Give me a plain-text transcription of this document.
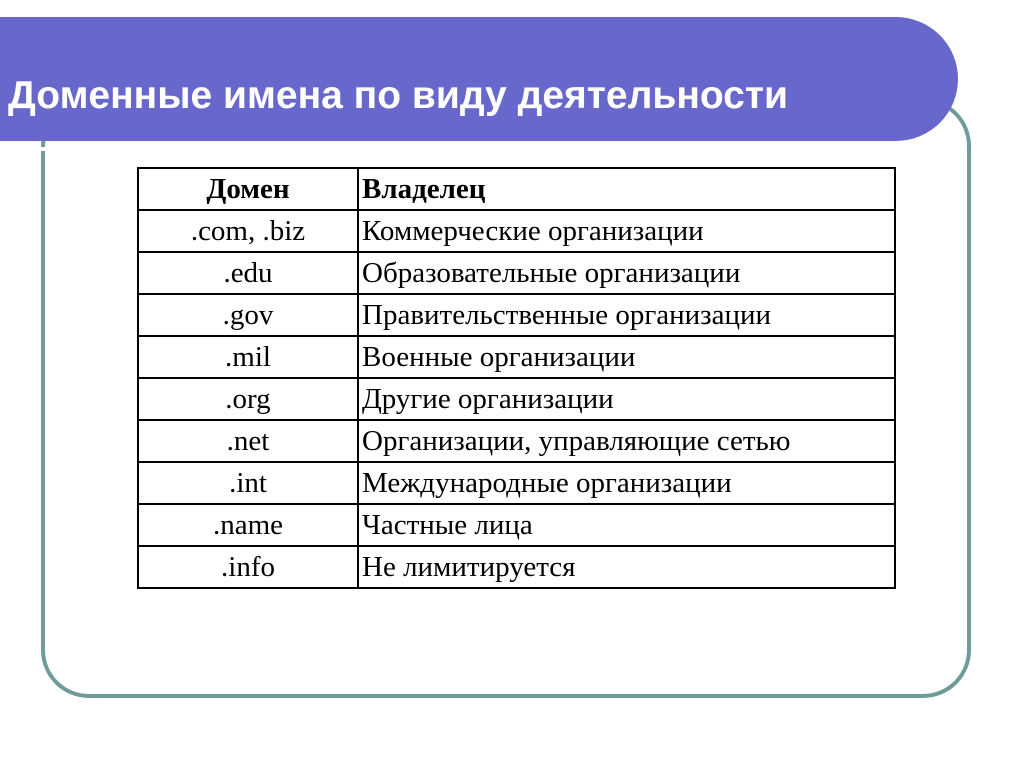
Доменные имена по виду деятельности
Домен	Владелец
.com, .biz	Коммерческие организации
.edu	Образовательные организации
.gov	Правительственные организации
.mil	Военные организации
.org	Другие организации
.net	Организации, управляющие сетью
.int	Международные организации
.name	Частные лица
.info	Не лимитируется
